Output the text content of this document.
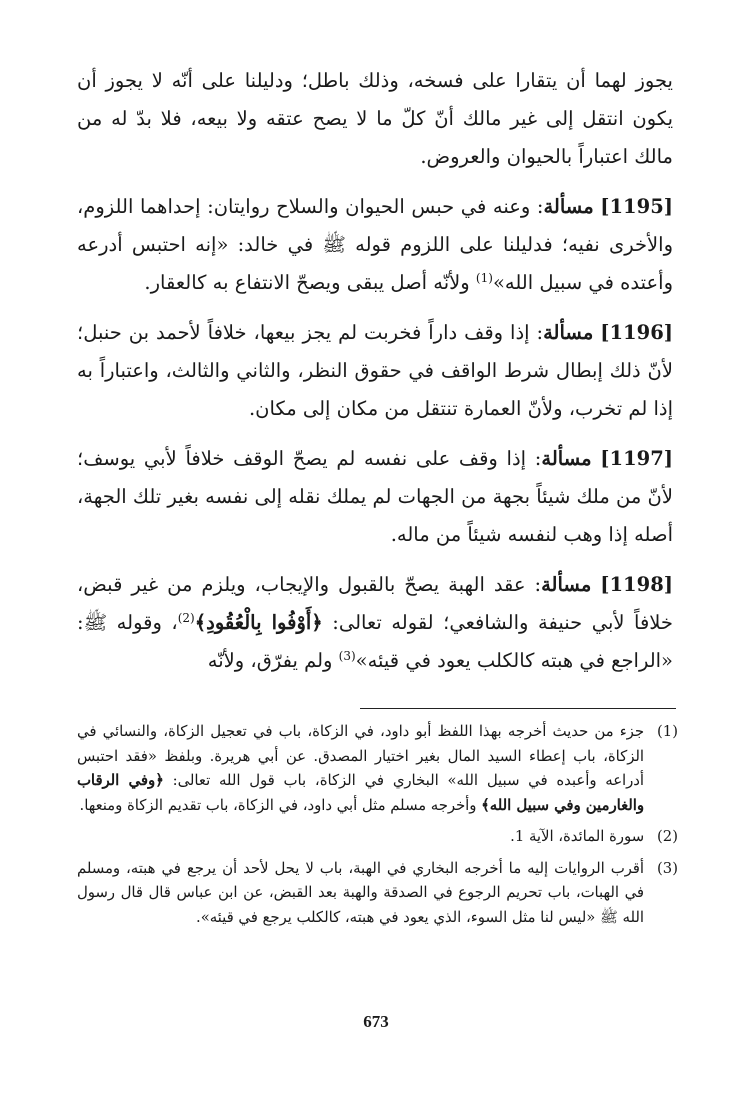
يجوز لهما أن يتقارا على فسخه، وذلك باطل؛ ودليلنا على أنّه لا يجوز أن يكون انتقل إلى غير مالك أنّ كلّ ما لا يصح عتقه ولا بيعه، فلا بدّ له من مالك اعتباراً بالحيوان والعروض.

[1195] مسألة: وعنه في حبس الحيوان والسلاح روايتان: إحداهما اللزوم، والأخرى نفيه؛ فدليلنا على اللزوم قوله ﷺ في خالد: «إنه احتبس أدرعه وأعتده في سبيل الله»$^{(1)}$ ولأنّه أصل يبقى ويصحّ الانتفاع به كالعقار.

[1196] مسألة: إذا وقف داراً فخربت لم يجز بيعها، خلافاً لأحمد بن حنبل؛ لأنّ ذلك إبطال شرط الواقف في حقوق النظر، والثاني والثالث، واعتباراً به إذا لم تخرب، ولأنّ العمارة تنتقل من مكان إلى مكان.

[1197] مسألة: إذا وقف على نفسه لم يصحّ الوقف خلافاً لأبي يوسف؛ لأنّ من ملك شيئاً بجهة من الجهات لم يملك نقله إلى نفسه بغير تلك الجهة، أصله إذا وهب لنفسه شيئاً من ماله.

[1198] مسألة: عقد الهبة يصحّ بالقبول والإيجاب، ويلزم من غير قبض، خلافاً لأبي حنيفة والشافعي؛ لقوله تعالى: ﴿أَوْفُوا بِالْعُقُودِ﴾$^{(2)}$، وقوله ﷺ: «الراجع في هبته كالكلب يعود في قيئه»$^{(3)}$ ولم يفرّق، ولأنّه

(1)
جزء من حديث أخرجه بهذا اللفظ أبو داود، في الزكاة، باب في تعجيل الزكاة، والنسائي في الزكاة، باب إعطاء السيد المال بغير اختيار المصدق. عن أبي هريرة. وبلفظ «فقد احتبس أدراعه وأعبده في سبيل الله» البخاري في الزكاة، باب قول الله تعالى: ﴿وفي الرقاب والغارمين وفي سبيل الله﴾ وأخرجه مسلم مثل أبي داود، في الزكاة، باب تقديم الزكاة ومنعها.
(2)
سورة المائدة، الآية 1.
(3)
أقرب الروايات إليه ما أخرجه البخاري في الهبة، باب لا يحل لأحد أن يرجع في هبته، ومسلم في الهبات، باب تحريم الرجوع في الصدقة والهبة بعد القبض، عن ابن عباس قال قال رسول الله ﷺ «ليس لنا مثل السوء، الذي يعود في هبته، كالكلب يرجع في قيئه».
673
